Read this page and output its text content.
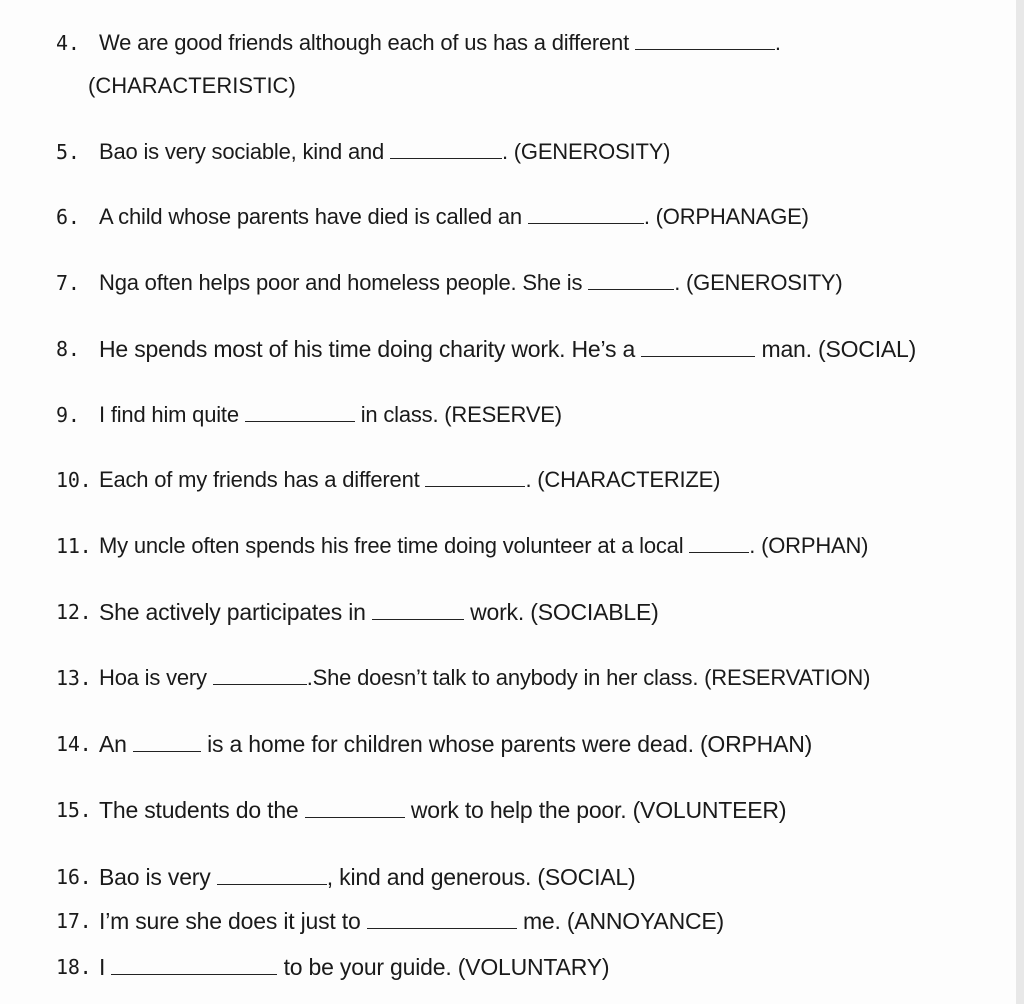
4. We are good friends although each of us has a different	.
(CHARACTERISTIC)
5. Bao is very sociable, kind and	. (GENEROSITY)
6. A child whose parents have died is called an	. (ORPHANAGE)
7. Nga often helps poor and homeless people. She is	. (GENEROSITY)
8. He spends most of his time doing charity work. He’s a	man. (SOCIAL)
9. I find him quite	in class. (RESERVE)
10. Each of my friends has a different	. (CHARACTERIZE)
11. My uncle often spends his free time doing volunteer at a local	. (ORPHAN)
12. She actively participates in	work. (SOCIABLE)
13. Hoa is very	.She doesn’t talk to anybody in her class. (RESERVATION)
14. An	is a home for children whose parents were dead. (ORPHAN)
15. The students do the	work to help the poor. (VOLUNTEER)
16. Bao is very	, kind and generous. (SOCIAL)
17. I’m sure she does it just to	me. (ANNOYANCE)
18. I	to be your guide. (VOLUNTARY)
